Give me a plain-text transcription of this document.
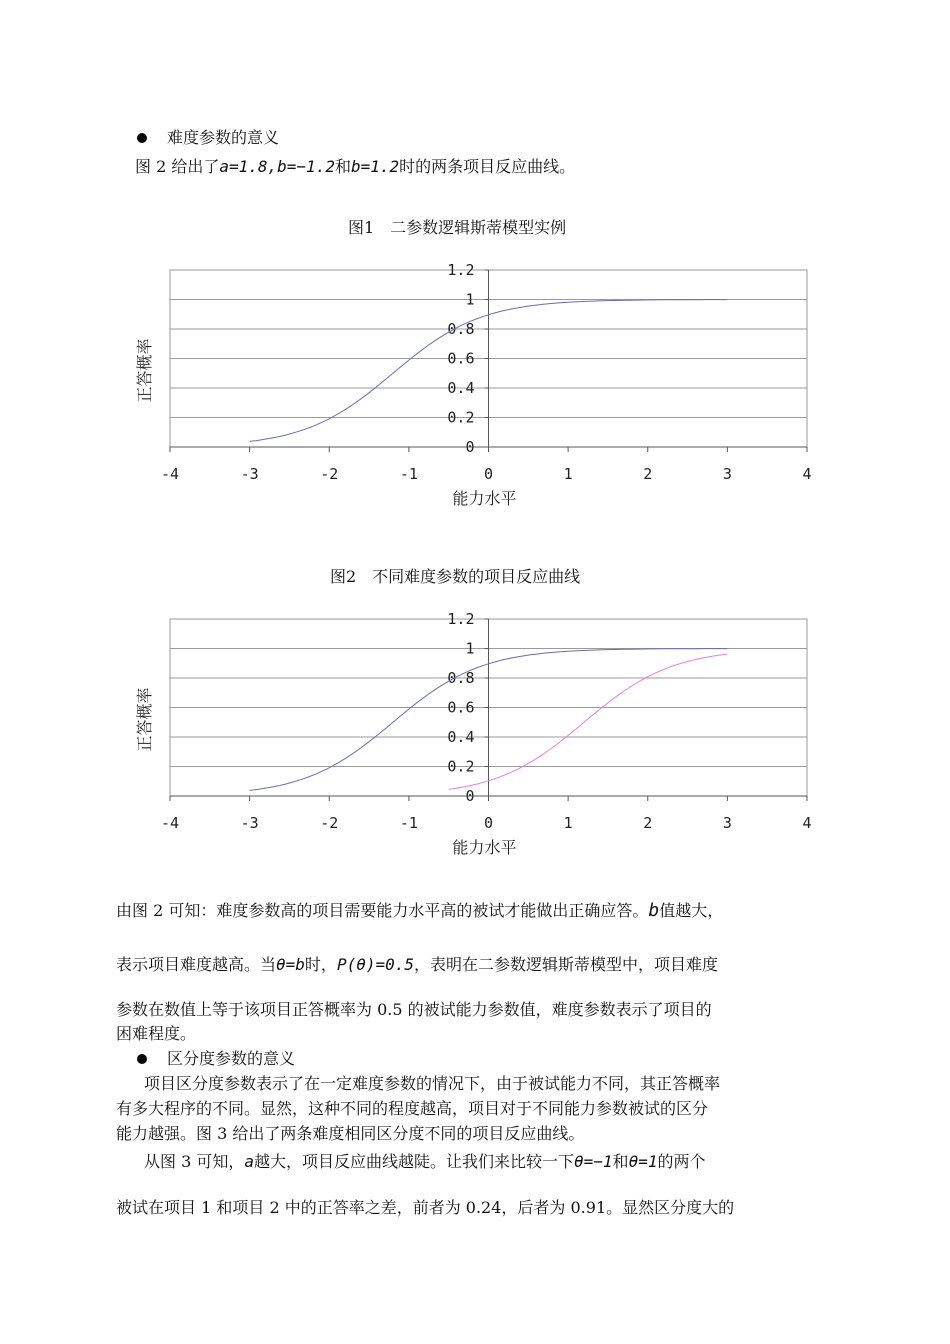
难度参数的意义
图 2 给出了a=1.8,b=−1.2和b=1.2时的两条项目反应曲线。
图1　二参数逻辑斯蒂模型实例
0
0.2
0.4
0.6
0.8
1
1.2
-4	-3	-2	-1	0	1	2	3	4
能力水平
正答概率
图2　不同难度参数的项目反应曲线
0
0.2
0.4
0.6
0.8
1
1.2
-4	-3	-2	-1	0	1	2	3	4
能力水平
正答概率
由图 2 可知：难度参数高的项目需要能力水平高的被试才能做出正确应答。b值越大，
表示项目难度越高。当θ=b时，P(θ)=0.5，表明在二参数逻辑斯蒂模型中，项目难度
参数在数值上等于该项目正答概率为 0.5 的被试能力参数值，难度参数表示了项目的
困难程度。
区分度参数的意义
项目区分度参数表示了在一定难度参数的情况下，由于被试能力不同，其正答概率
有多大程序的不同。显然，这种不同的程度越高，项目对于不同能力参数被试的区分
能力越强。图 3 给出了两条难度相同区分度不同的项目反应曲线。
从图 3 可知，a越大，项目反应曲线越陡。让我们来比较一下θ=−1和θ=1的两个
被试在项目 1 和项目 2 中的正答率之差，前者为 0.24，后者为 0.91。显然区分度大的
